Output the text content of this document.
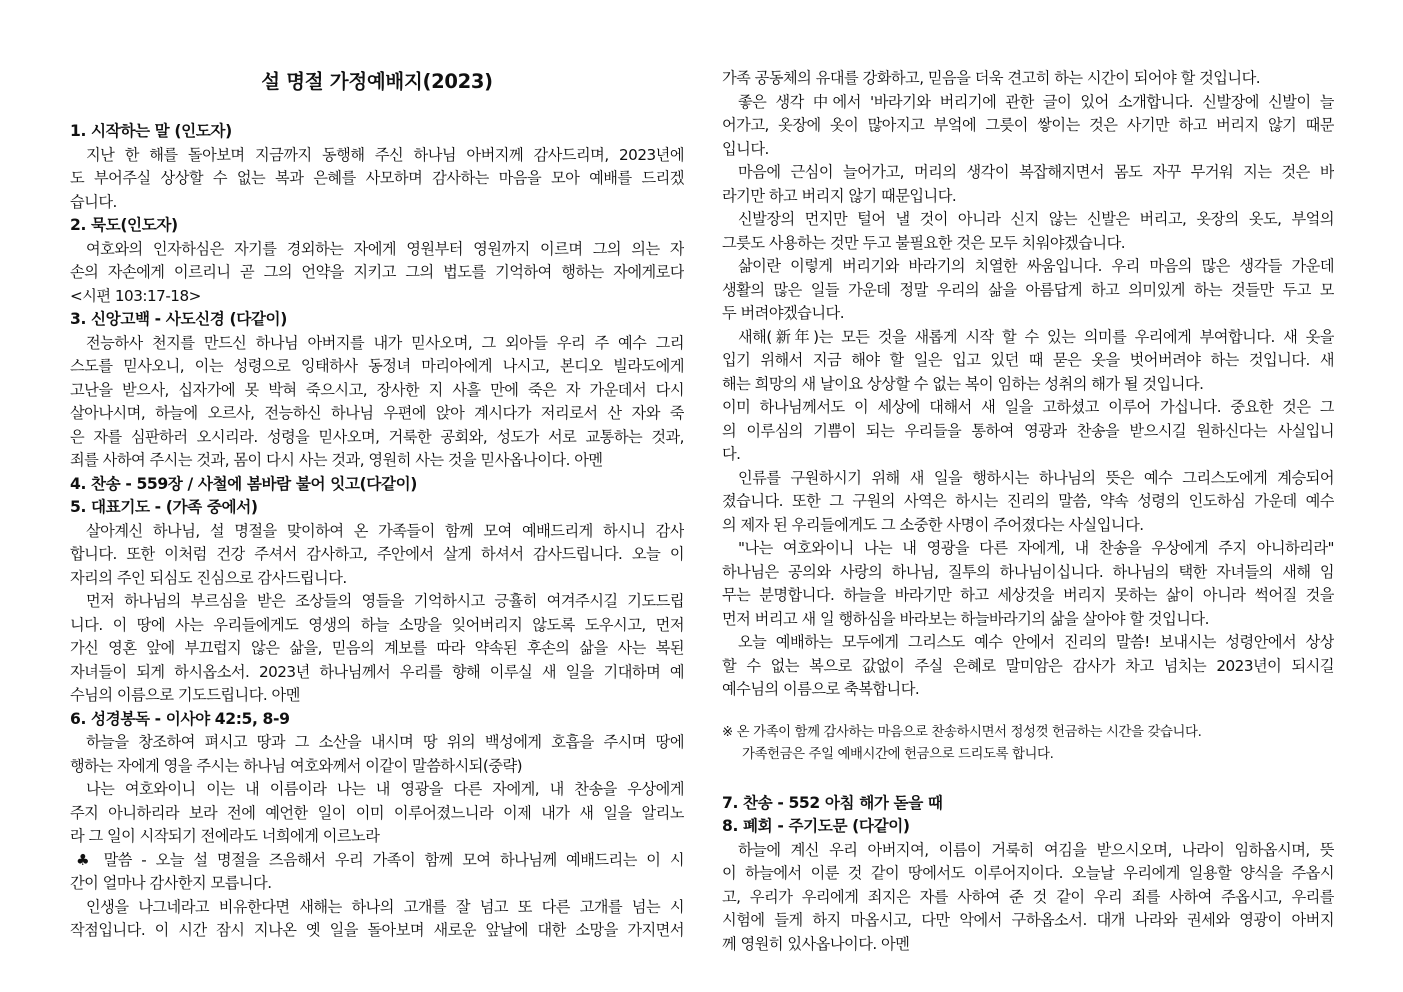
설 명절 가정예배지(2023)
1. 시작하는 말 (인도자)

지난 한 해를 돌아보며 지금까지 동행해 주신 하나님 아버지께 감사드리며, 2023년에

도 부어주실 상상할 수 없는 복과 은혜를 사모하며 감사하는 마음을 모아 예배를 드리겠

습니다.

2. 묵도(인도자)

여호와의 인자하심은 자기를 경외하는 자에게 영원부터 영원까지 이르며 그의 의는 자

손의 자손에게 이르리니 곧 그의 언약을 지키고 그의 법도를 기억하여 행하는 자에게로다

<시편 103:17-18>

3. 신앙고백 - 사도신경 (다같이)

전능하사 천지를 만드신 하나님 아버지를 내가 믿사오며, 그 외아들 우리 주 예수 그리

스도를 믿사오니, 이는 성령으로 잉태하사 동정녀 마리아에게 나시고, 본디오 빌라도에게

고난을 받으사, 십자가에 못 박혀 죽으시고, 장사한 지 사흘 만에 죽은 자 가운데서 다시

살아나시며, 하늘에 오르사, 전능하신 하나님 우편에 앉아 계시다가 저리로서 산 자와 죽

은 자를 심판하러 오시리라. 성령을 믿사오며, 거룩한 공회와, 성도가 서로 교통하는 것과,

죄를 사하여 주시는 것과, 몸이 다시 사는 것과, 영원히 사는 것을 믿사옵나이다. 아멘

4. 찬송 - 559장 / 사철에 봄바람 불어 잇고(다같이)
5. 대표기도 - (가족 중에서)

살아계신 하나님, 설 명절을 맞이하여 온 가족들이 함께 모여 예배드리게 하시니 감사

합니다. 또한 이처럼 건강 주셔서 감사하고, 주안에서 살게 하셔서 감사드립니다. 오늘 이

자리의 주인 되심도 진심으로 감사드립니다.

먼저 하나님의 부르심을 받은 조상들의 영들을 기억하시고 긍휼히 여겨주시길 기도드립

니다. 이 땅에 사는 우리들에게도 영생의 하늘 소망을 잊어버리지 않도록 도우시고, 먼저

가신 영혼 앞에 부끄럽지 않은 삶을, 믿음의 계보를 따라 약속된 후손의 삶을 사는 복된

자녀들이 되게 하시옵소서. 2023년 하나님께서 우리를 향해 이루실 새 일을 기대하며 예

수님의 이름으로 기도드립니다. 아멘

6. 성경봉독 - 이사야 42:5, 8-9

하늘을 창조하여 펴시고 땅과 그 소산을 내시며 땅 위의 백성에게 호흡을 주시며 땅에

행하는 자에게 영을 주시는 하나님 여호와께서 이같이 말씀하시되(중략)

나는 여호와이니 이는 내 이름이라 나는 내 영광을 다른 자에게, 내 찬송을 우상에게

주지 아니하리라 보라 전에 예언한 일이 이미 이루어졌느니라 이제 내가 새 일을 알리노

라 그 일이 시작되기 전에라도 너희에게 이르노라

♣ 말씀 - 오늘 설 명절을 즈음해서 우리 가족이 함께 모여 하나님께 예배드리는 이 시

간이 얼마나 감사한지 모릅니다.

인생을 나그네라고 비유한다면 새해는 하나의 고개를 잘 넘고 또 다른 고개를 넘는 시

작점입니다. 이 시간 잠시 지나온 옛 일을 돌아보며 새로운 앞날에 대한 소망을 가지면서

가족 공동체의 유대를 강화하고, 믿음을 더욱 견고히 하는 시간이 되어야 할 것입니다.

좋은 생각 中에서 '바라기와 버리기에 관한 글이 있어 소개합니다. 신발장에 신발이 늘

어가고, 옷장에 옷이 많아지고 부엌에 그릇이 쌓이는 것은 사기만 하고 버리지 않기 때문

입니다.

마음에 근심이 늘어가고, 머리의 생각이 복잡해지면서 몸도 자꾸 무거워 지는 것은 바

라기만 하고 버리지 않기 때문입니다.

신발장의 먼지만 털어 낼 것이 아니라 신지 않는 신발은 버리고, 옷장의 옷도, 부엌의

그릇도 사용하는 것만 두고 불필요한 것은 모두 치워야겠습니다.

삶이란 이렇게 버리기와 바라기의 치열한 싸움입니다. 우리 마음의 많은 생각들 가운데

생활의 많은 일들 가운데 정말 우리의 삶을 아름답게 하고 의미있게 하는 것들만 두고 모

두 버려야겠습니다.

새해(新年)는 모든 것을 새롭게 시작 할 수 있는 의미를 우리에게 부여합니다. 새 옷을

입기 위해서 지금 해야 할 일은 입고 있던 때 묻은 옷을 벗어버려야 하는 것입니다. 새

해는 희망의 새 날이요 상상할 수 없는 복이 임하는 성취의 해가 될 것입니다.

이미 하나님께서도 이 세상에 대해서 새 일을 고하셨고 이루어 가십니다. 중요한 것은 그

의 이루심의 기쁨이 되는 우리들을 통하여 영광과 찬송을 받으시길 원하신다는 사실입니

다.

인류를 구원하시기 위해 새 일을 행하시는 하나님의 뜻은 예수 그리스도에게 계승되어

졌습니다. 또한 그 구원의 사역은 하시는 진리의 말씀, 약속 성령의 인도하심 가운데 예수

의 제자 된 우리들에게도 그 소중한 사명이 주어졌다는 사실입니다.

"나는 여호와이니 나는 내 영광을 다른 자에게, 내 찬송을 우상에게 주지 아니하리라"

하나님은 공의와 사랑의 하나님, 질투의 하나님이십니다. 하나님의 택한 자녀들의 새해 임

무는 분명합니다. 하늘을 바라기만 하고 세상것을 버리지 못하는 삶이 아니라 썩어질 것을

먼저 버리고 새 일 행하심을 바라보는 하늘바라기의 삶을 살아야 할 것입니다.

오늘 예배하는 모두에게 그리스도 예수 안에서 진리의 말씀! 보내시는 성령안에서 상상

할 수 없는 복으로 값없이 주실 은혜로 말미암은 감사가 차고 넘치는 2023년이 되시길

예수님의 이름으로 축복합니다.

※ 온 가족이 함께 감사하는 마음으로 찬송하시면서 정성껏 헌금하는 시간을 갖습니다.

가족헌금은 주일 예배시간에 헌금으로 드리도록 합니다.

7. 찬송 - 552 아침 해가 돋을 때
8. 폐회 - 주기도문 (다같이)

하늘에 계신 우리 아버지여, 이름이 거룩히 여김을 받으시오며, 나라이 임하옵시며, 뜻

이 하늘에서 이룬 것 같이 땅에서도 이루어지이다. 오늘날 우리에게 일용할 양식을 주옵시

고, 우리가 우리에게 죄지은 자를 사하여 준 것 같이 우리 죄를 사하여 주옵시고, 우리를

시험에 들게 하지 마옵시고, 다만 악에서 구하옵소서. 대개 나라와 권세와 영광이 아버지

께 영원히 있사옵나이다. 아멘
